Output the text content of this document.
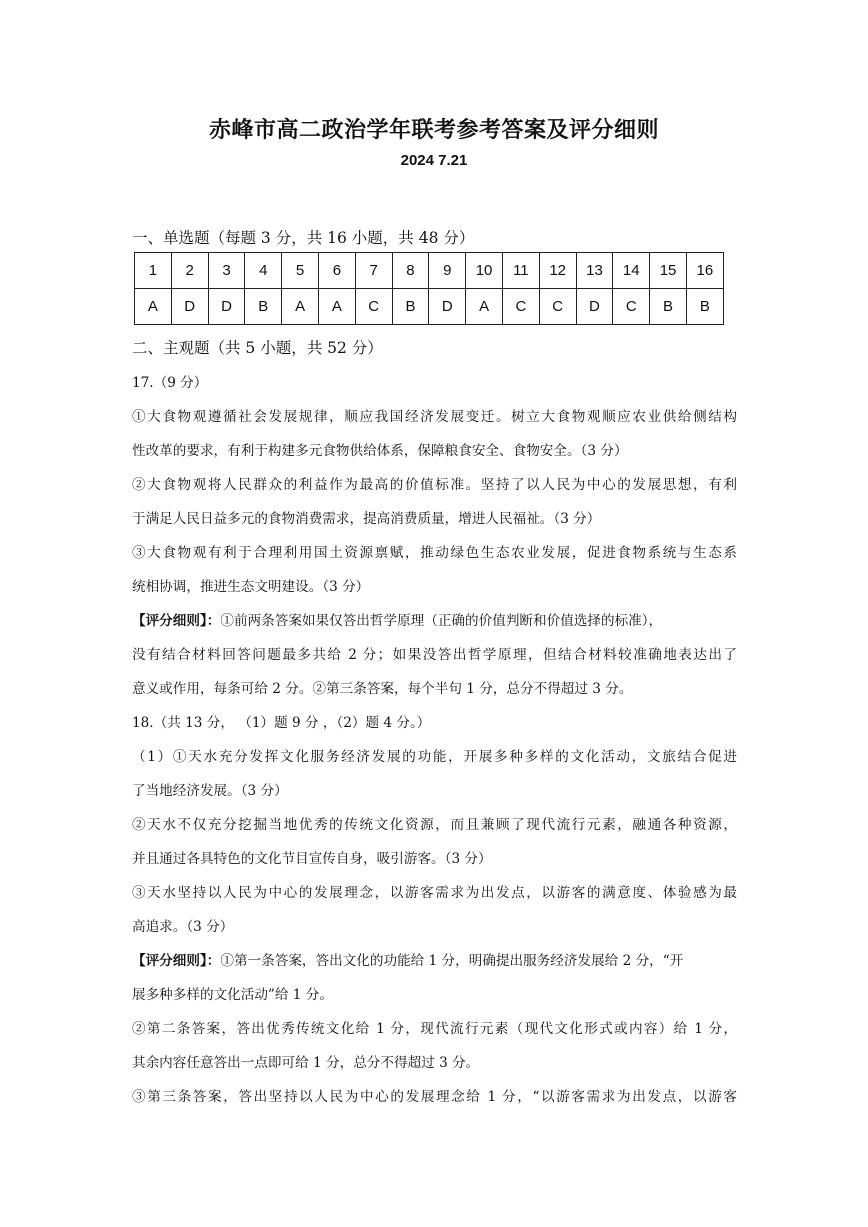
赤峰市高二政治学年联考参考答案及评分细则
2024 7.21
一、单选题（每题 3 分，共 16 小题，共 48 分）
1	2	3	4	5	6	7	8	9	10	11	12	13	14	15	16
A	D	D	B	A	A	C	B	D	A	C	C	D	C	B	B
二、主观题（共 5 小题，共 52 分）
17.（9 分）
①大食物观遵循社会发展规律，顺应我国经济发展变迁。树立大食物观顺应农业供给侧结构
性改革的要求，有利于构建多元食物供给体系，保障粮食安全、食物安全。（3 分）
②大食物观将人民群众的利益作为最高的价值标准。坚持了以人民为中心的发展思想，有利
于满足人民日益多元的食物消费需求，提高消费质量，增进人民福祉。（3 分）
③大食物观有利于合理利用国土资源禀赋，推动绿色生态农业发展，促进食物系统与生态系
统相协调，推进生态文明建设。（3 分）
【评分细则】：①前两条答案如果仅答出哲学原理（正确的价值判断和价值选择的标准），
没有结合材料回答问题最多共给 2 分；如果没答出哲学原理，但结合材料较准确地表达出了
意义或作用，每条可给 2 分。②第三条答案，每个半句 1 分，总分不得超过 3 分。
18.（共 13 分， （1）题 9 分 ，（2）题 4 分。）
（1）①天水充分发挥文化服务经济发展的功能，开展多种多样的文化活动，文旅结合促进
了当地经济发展。（3 分）
②天水不仅充分挖掘当地优秀的传统文化资源，而且兼顾了现代流行元素，融通各种资源，
并且通过各具特色的文化节目宣传自身，吸引游客。（3 分）
③天水坚持以人民为中心的发展理念，以游客需求为出发点，以游客的满意度、体验感为最
高追求。（3 分）
【评分细则】：①第一条答案，答出文化的功能给 1 分，明确提出服务经济发展给 2 分，“开
展多种多样的文化活动”给 1 分。
②第二条答案，答出优秀传统文化给 1 分，现代流行元素（现代文化形式或内容）给 1 分，
其余内容任意答出一点即可给 1 分，总分不得超过 3 分。
③第三条答案，答出坚持以人民为中心的发展理念给 1 分，“以游客需求为出发点，以游客
